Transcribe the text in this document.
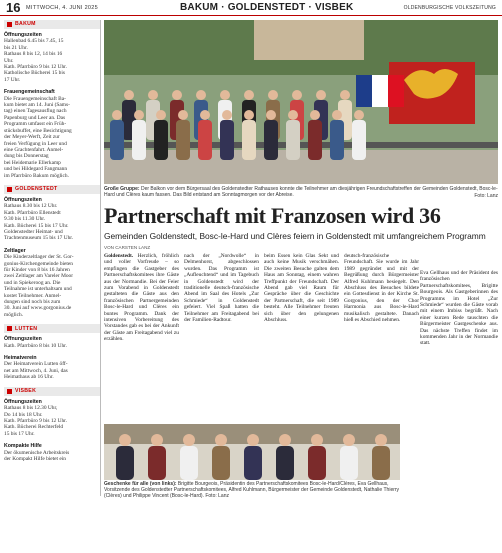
16 MITTWOCH, 4. JUNI 2025	BAKUM · GOLDENSTEDT · VISBEK	OLDENBURGISCHE VOLKSZEITUNG
BAKUM
Öffnungszeiten
Hallenbad 6.45 bis 7.45, 15
bis 21 Uhr.
Rathaus 8 bis 12, 14 bis 16
Uhr.
Kath. Pfarrbüro 9 bis 12 Uhr.
Katholische Bücherei 15 bis
17 Uhr.
Frauengemeinschaft
Die Frauengemeinschaft Ba-
kum bietet am 14. Juni (Sams-
tag) einen Tagesausflug nach
Papenburg und Leer an. Das
Programm umfasst ein Früh-
stücksbuffet, eine Besichtigung
der Meyer-Werft, Zeit zur
freien Verfügung in Leer und
eine Grachtenfahrt. Anmel-
dung bis Donnerstag
bei Heidemarie Ellerkamp
und bei Hildegard Fangmann
im Pfarrbüro Bakum möglich.
GOLDENSTEDT
Öffnungszeiten
Rathaus 8.30 bis 12 Uhr.
Kath. Pfarrbüro Ellenstedt
9.30 bis 11.30 Uhr.
Kath. Bücherei 15 bis 17 Uhr.
Goldenstedter Heimat- und
Trachtenmuseum 15 bis 17 Uhr.
Zeltlager
Die Kinderzeltlager der St. Gor-
gonius-Kirchengemeinde bieten
für Kinder von 8 bis 16 Jahren
zwei Zeltlager am Vareler Moor
und in Spiekeroog an. Die
Teilnahme ist unterhaltsam und
kostet Teilnehmer. Anmel-
dungen sind noch bis zum
30. Juni auf www.gorgonius.de
möglich.
LUTTEN
Öffnungszeiten
Kath. Pfarrbüro 8 bis 10 Uhr.
Heimatverein
Der Heimatverein Lutten öff-
net am Mittwoch, 4. Juni, das
Heimathaus ab 16 Uhr.
VISBEK
Öffnungszeiten
Rathaus 8 bis 12.30 Uhr,
Do 14 bis 18 Uhr.
Kath. Pfarrbüro 9 bis 12 Uhr.
Kath. Bücherei Rechterfeld
15 bis 17 Uhr.
Kompakte Hilfe
Der ökumenische Arbeitskreis
der Kompakt Hilfe bietet ein
Große Gruppe: Der Balkon vor dem Bürgersaal des Goldenstedter Rathauses konnte die Teilnehmer am diesjährigen Freundschaftstreffen der Gemeinden Goldenstedt, Bosc-le-Hard und Clères kaum fassen. Das Bild entstand am Sonntagmorgen vor der Abreise.	Foto: Lanz
Partnerschaft mit Franzosen wird 36
Gemeinden Goldenstedt, Bosc-le-Hard und Clères feiern in Goldenstedt mit umfangreichem Programm
VON CARSTEN LANZ
Goldenstedt. Herzlich, fröhlich und voller Vorfreude – so empfingen die Gastgeber des Partnerschaftskomitees ihre Gäste aus der Normandie. Bei der Feier zum Vorabend in Goldenstedt gestalteten die Gäste aus den französischen Partnergemeinden Bosc-le-Hard und Clères ein buntes Programm. Dank der intensiven Vorbereitung des Vorstandes gab es bei der Ankunft der Gäste am Freitagabend viel zu erzählen.
nach der „Nordwolle“ in Delmenhorst, abgeschlossen wurden. Das Programm ist „Aufleuchtend“ und im Tagebuch in Goldenstedt wird der traditionelle deutsch-französische Abend im Saal des Hotels „Zur Schmiede“ in Goldenstedt gefeiert. Viel Spaß hatten die Teilnehmer am Freitagabend bei der Familien-Radtour.
beim Essen kein Glas Sekt und auch keine Musik verschmähen. Die zweiten Besuche galten dem Haus am Sonntag, einem wahren Treffpunkt der Freundschaft. Der Abend gab viel Raum für Gespräche über die Geschichte der Partnerschaft, die seit 1989 besteht. Alle Teilnehmer freuten sich über den gelungenen Abschluss.
deutsch-französische Freundschaft. Sie wurde im Jahr 1989 gegründet und mit der Begrüßung durch Bürgermeister Alfred Kuhlmann besiegelt. Den Abschluss des Besuches bildete ein Gottesdienst in der Kirche St. Gorgonius, den der Chor Harmonia aus Bosc-le-Hard musikalisch gestaltete. Danach hieß es Abschied nehmen.
Eva Gellhaus und der Präsident des französischen Partnerschaftskomitees, Brigitte Bourgeois. Als Gastgeberinnen des Programms im Hotel „Zur Schmiede“ wurden die Gäste vorab mit einem Imbiss begrüßt. Nach einer kurzen Rede tauschten die Bürgermeister Gastgeschenke aus. Das nächste Treffen findet im kommenden Jahr in der Normandie statt.
Geschenke für alle (von links): Brigitte Bourgeois, Präsidentin des Partnerschaftskomitees Bosc-le-Hard/Clères, Eva Gellhaus, Vorsitzende des Goldenstedter Partnerschaftskomitees, Alfred Kuhlmann, Bürgermeister der Gemeinde Goldenstedt, Nathalie Thierry (Clères) und Philippe Vincent (Bosc-le-Hard). Foto: Lanz
